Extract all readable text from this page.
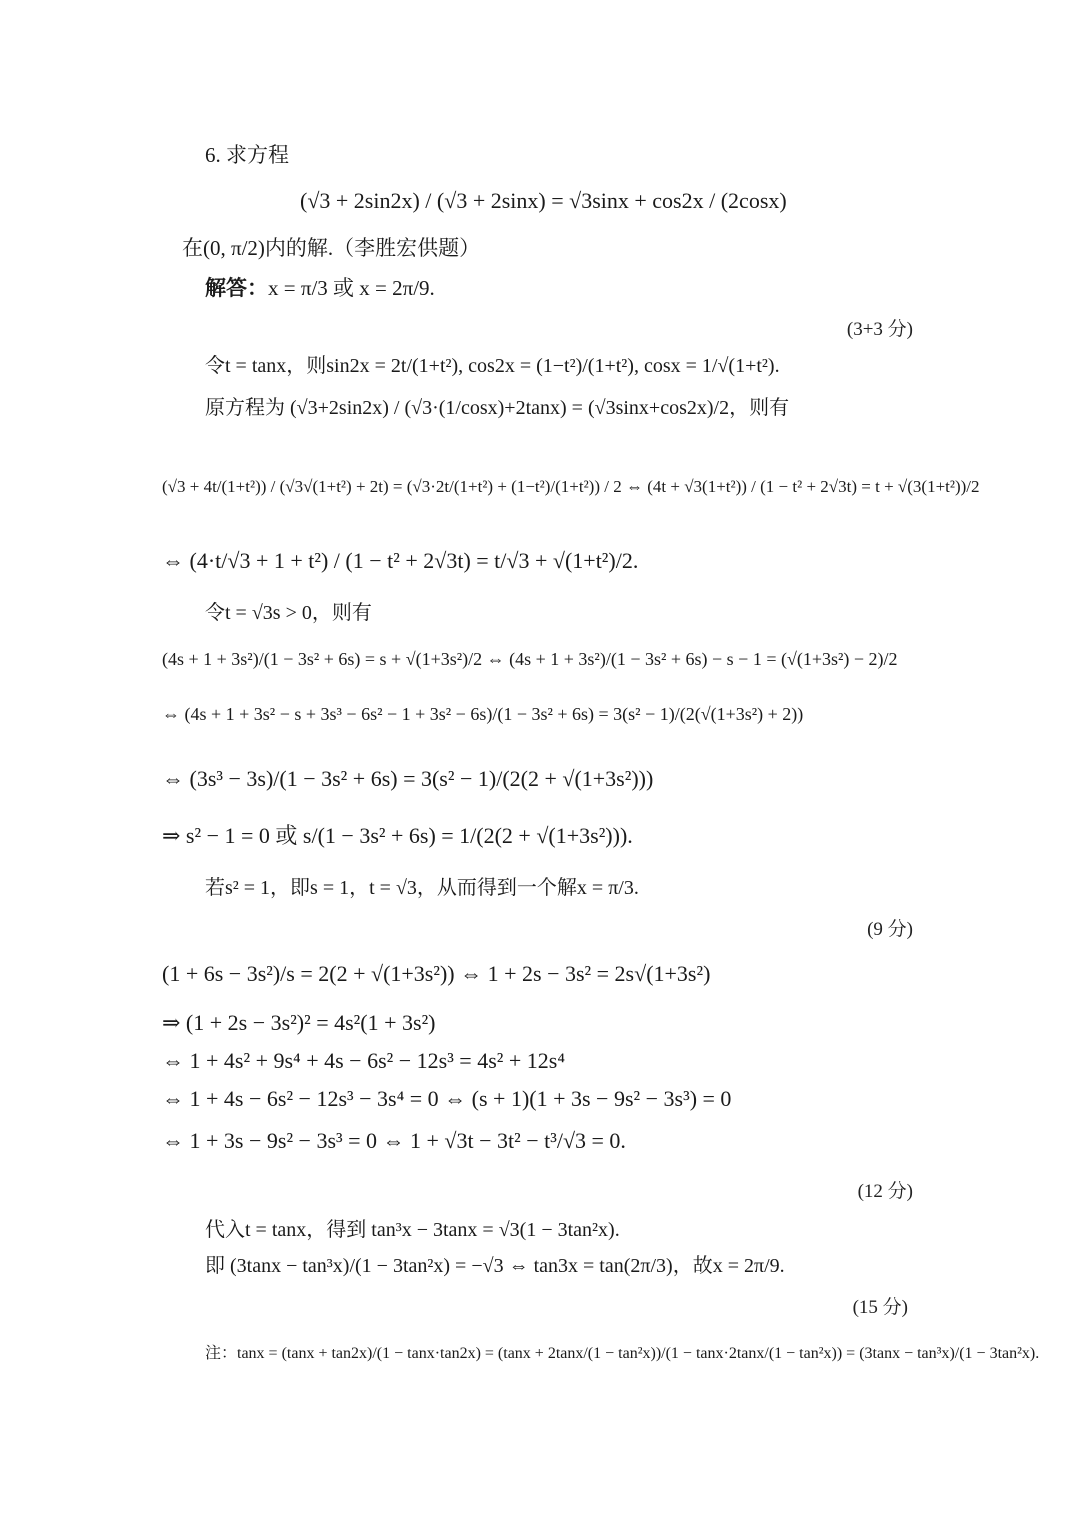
6. 求方程
(√3 + 2sin2x) / (√3 + 2sinx) = √3sinx + cos2x / (2cosx)
在(0, π/2)内的解.（李胜宏供题）
解答：x = π/3 或 x = 2π/9.
(3+3 分)
令t = tanx，则sin2x = 2t/(1+t²), cos2x = (1−t²)/(1+t²), cosx = 1/√(1+t²).
原方程为 (√3+2sin2x) / (√3·(1/cosx)+2tanx) = (√3sinx+cos2x)/2，则有
(√3 + 4t/(1+t²)) / (√3√(1+t²) + 2t) = (√3·2t/(1+t²) + (1−t²)/(1+t²)) / 2 ⇔ (4t + √3(1+t²)) / (1 − t² + 2√3t) = t + √(3(1+t²))/2
⇔ (4·t/√3 + 1 + t²) / (1 − t² + 2√3t) = t/√3 + √(1+t²)/2.
令t = √3s > 0，则有
(4s + 1 + 3s²)/(1 − 3s² + 6s) = s + √(1+3s²)/2 ⇔ (4s + 1 + 3s²)/(1 − 3s² + 6s) − s − 1 = (√(1+3s²) − 2)/2
⇔ (4s + 1 + 3s² − s + 3s³ − 6s² − 1 + 3s² − 6s)/(1 − 3s² + 6s) = 3(s² − 1)/(2(√(1+3s²) + 2))
⇔ (3s³ − 3s)/(1 − 3s² + 6s) = 3(s² − 1)/(2(2 + √(1+3s²)))
⇒ s² − 1 = 0 或 s/(1 − 3s² + 6s) = 1/(2(2 + √(1+3s²))).
若s² = 1，即s = 1，t = √3，从而得到一个解x = π/3.
(9 分)
(1 + 6s − 3s²)/s = 2(2 + √(1+3s²)) ⇔ 1 + 2s − 3s² = 2s√(1+3s²)
⇒ (1 + 2s − 3s²)² = 4s²(1 + 3s²)
⇔ 1 + 4s² + 9s⁴ + 4s − 6s² − 12s³ = 4s² + 12s⁴
⇔ 1 + 4s − 6s² − 12s³ − 3s⁴ = 0 ⇔ (s + 1)(1 + 3s − 9s² − 3s³) = 0
⇔ 1 + 3s − 9s² − 3s³ = 0 ⇔ 1 + √3t − 3t² − t³/√3 = 0.
(12 分)
代入t = tanx，得到 tan³x − 3tanx = √3(1 − 3tan²x).
即 (3tanx − tan³x)/(1 − 3tan²x) = −√3 ⇔ tan3x = tan(2π/3)，故x = 2π/9.
(15 分)
注：tanx = (tanx + tan2x)/(1 − tanx·tan2x) = (tanx + 2tanx/(1 − tan²x))/(1 − tanx·2tanx/(1 − tan²x)) = (3tanx − tan³x)/(1 − 3tan²x).
